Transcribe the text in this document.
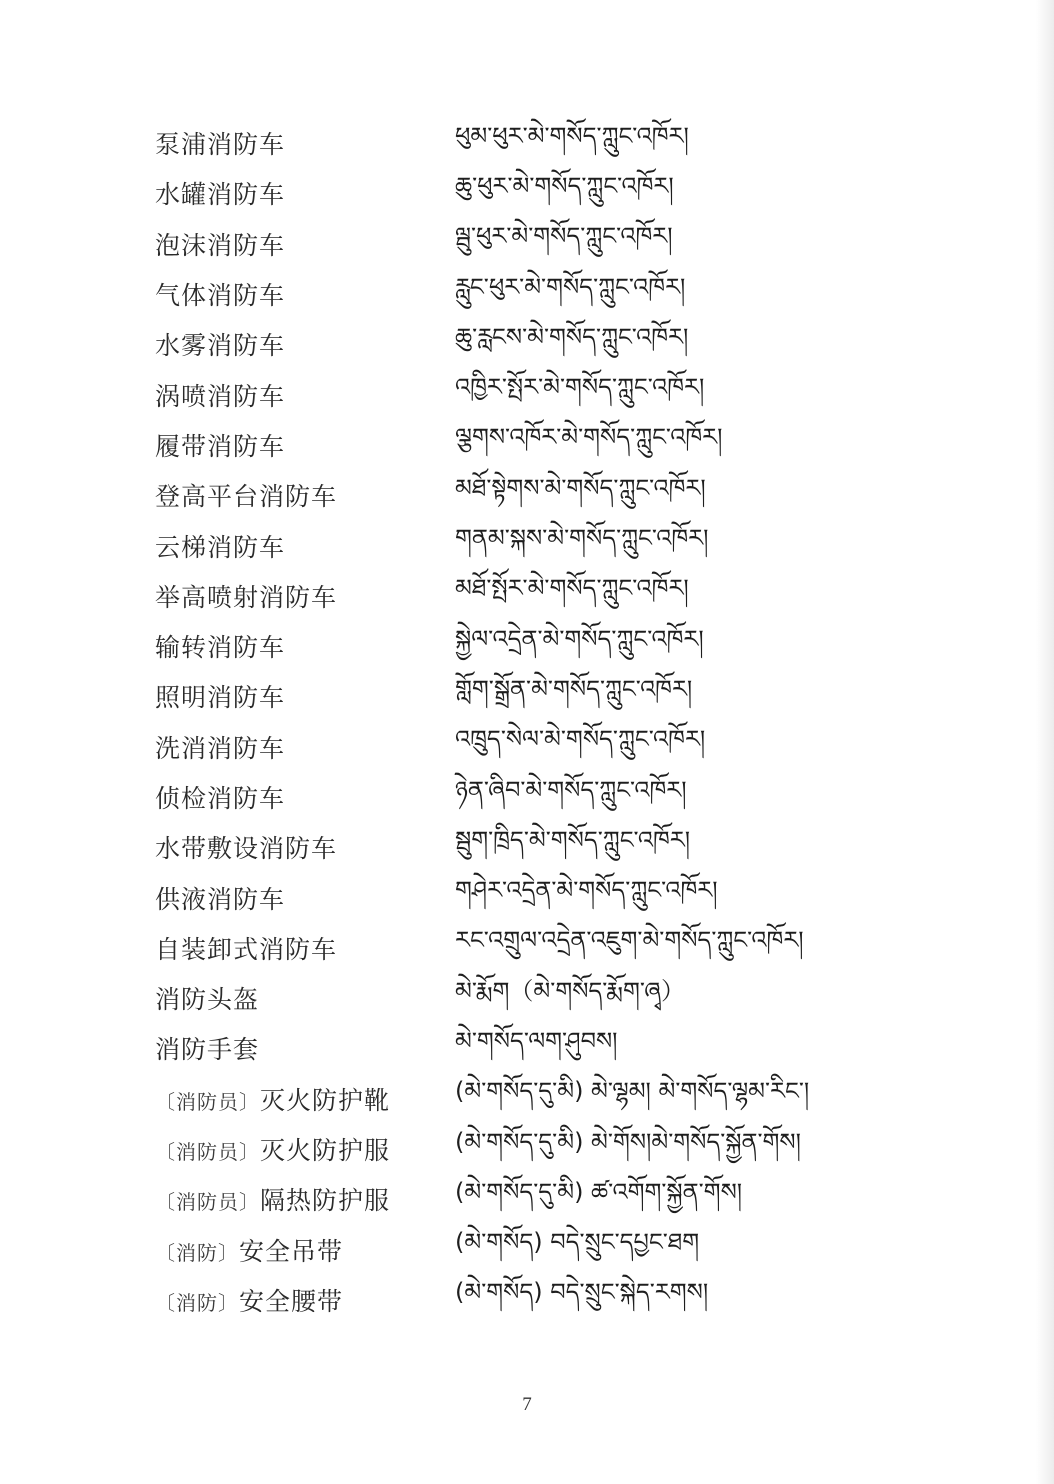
泵浦消防车	ཕུམ་ཕུར་མེ་གསོད་ཀླུང་འཁོར།
水罐消防车	ཆུ་ཕུར་མེ་གསོད་ཀླུང་འཁོར།
泡沫消防车	ལྦུ་ཕུར་མེ་གསོད་ཀླུང་འཁོར།
气体消防车	རླུང་ཕུར་མེ་གསོད་ཀླུང་འཁོར།
水雾消防车	ཆུ་རླངས་མེ་གསོད་ཀླུང་འཁོར།
涡喷消防车	འཁྱིར་སྤོར་མེ་གསོད་ཀླུང་འཁོར།
履带消防车	ལྕགས་འཁོར་མེ་གསོད་ཀླུང་འཁོར།
登高平台消防车	མཐོ་སྟེགས་མེ་གསོད་ཀླུང་འཁོར།
云梯消防车	གནམ་སྐས་མེ་གསོད་ཀླུང་འཁོར།
举高喷射消防车	མཐོ་སྤོར་མེ་གསོད་ཀླུང་འཁོར།
输转消防车	སྐྱེལ་འདྲེན་མེ་གསོད་ཀླུང་འཁོར།
照明消防车	གློག་སྒྲོན་མེ་གསོད་ཀླུང་འཁོར།
洗消消防车	འཁྲུད་སེལ་མེ་གསོད་ཀླུང་འཁོར།
侦检消防车	ཉེན་ཞིབ་མེ་གསོད་ཀླུང་འཁོར།
水带敷设消防车	སྦུག་ཁྲིད་མེ་གསོད་ཀླུང་འཁོར།
供液消防车	གཤེར་འདྲེན་མེ་གསོད་ཀླུང་འཁོར།
自装卸式消防车	རང་འགྲུལ་འདྲེན་འཇུག་མེ་གསོད་ཀླུང་འཁོར།
消防头盔	མེ་རྨོག（མེ་གསོད་རྨོག་ཞྭ）
消防手套	མེ་གསོད་ལག་ཤུབས།
〔消防员〕灭火防护靴	(མེ་གསོད་དུ་མི) མེ་ལྷམ། མེ་གསོད་ལྷམ་རིང་།
〔消防员〕灭火防护服	(མེ་གསོད་དུ་མི) མེ་གོས།མེ་གསོད་སྐྱོན་གོས།
〔消防员〕隔热防护服	(མེ་གསོད་དུ་མི) ཚ་འགོག་སྐྱོན་གོས།
〔消防〕安全吊带	(མེ་གསོད) བདེ་སྲུང་དཔྱང་ཐག
〔消防〕安全腰带	(མེ་གསོད) བདེ་སྲུང་སྐེད་རགས།
7
